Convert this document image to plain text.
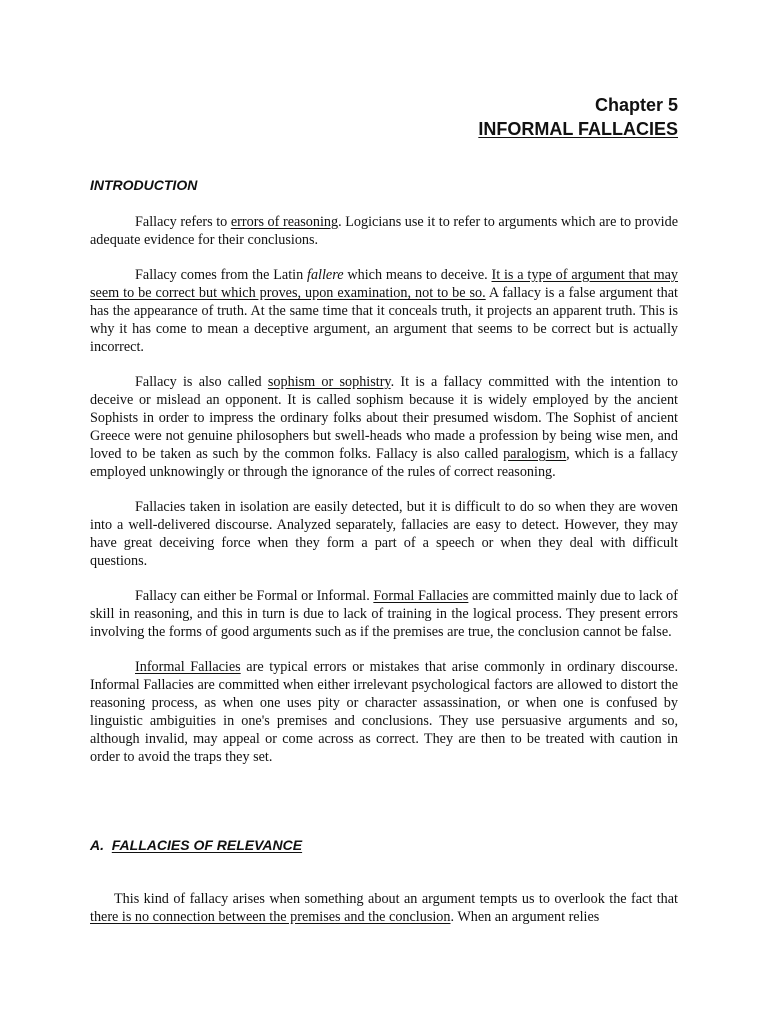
Chapter 5
INFORMAL FALLACIES
INTRODUCTION

Fallacy refers to errors of reasoning. Logicians use it to refer to arguments which are to provide adequate evidence for their conclusions.

Fallacy comes from the Latin fallere which means to deceive. It is a type of argument that may seem to be correct but which proves, upon examination, not to be so. A fallacy is a false argument that has the appearance of truth. At the same time that it conceals truth, it projects an apparent truth. This is why it has come to mean a deceptive argument, an argument that seems to be correct but is actually incorrect.

Fallacy is also called sophism or sophistry. It is a fallacy committed with the intention to deceive or mislead an opponent. It is called sophism because it is widely employed by the ancient Sophists in order to impress the ordinary folks about their presumed wisdom. The Sophist of ancient Greece were not genuine philosophers but swell-heads who made a profession by being wise men, and loved to be taken as such by the common folks. Fallacy is also called paralogism, which is a fallacy employed unknowingly or through the ignorance of the rules of correct reasoning.

Fallacies taken in isolation are easily detected, but it is difficult to do so when they are woven into a well-delivered discourse. Analyzed separately, fallacies are easy to detect. However, they may have great deceiving force when they form a part of a speech or when they deal with difficult questions.

Fallacy can either be Formal or Informal. Formal Fallacies are committed mainly due to lack of skill in reasoning, and this in turn is due to lack of training in the logical process. They present errors involving the forms of good arguments such as if the premises are true, the conclusion cannot be false.

Informal Fallacies are typical errors or mistakes that arise commonly in ordinary discourse. Informal Fallacies are committed when either irrelevant psychological factors are allowed to distort the reasoning process, as when one uses pity or character assassination, or when one is confused by linguistic ambiguities in one's premises and conclusions. They use persuasive arguments and so, although invalid, may appeal or come across as correct. They are then to be treated with caution in order to avoid the traps they set.

A. FALLACIES OF RELEVANCE

This kind of fallacy arises when something about an argument tempts us to overlook the fact that there is no connection between the premises and the conclusion. When an argument relies
